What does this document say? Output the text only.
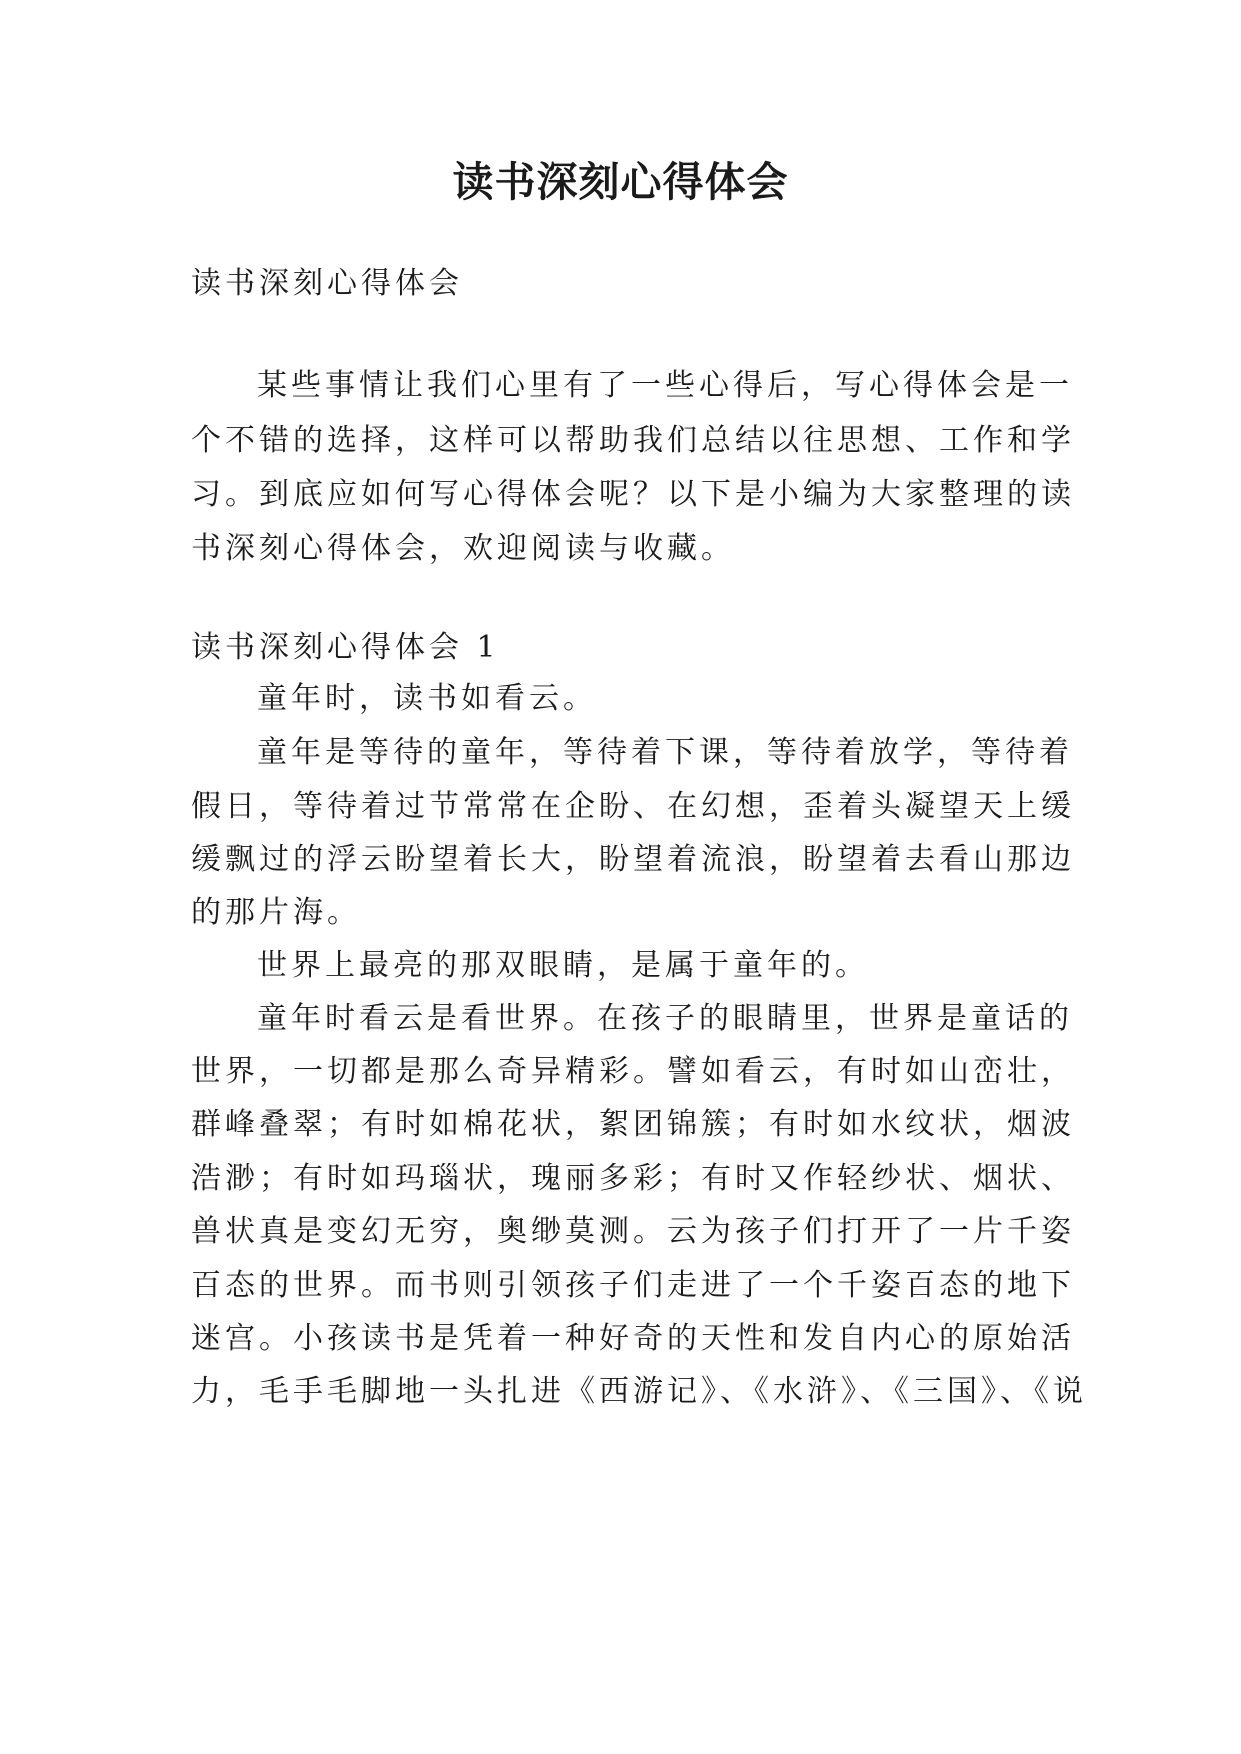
读书深刻心得体会

读书深刻心得体会

某些事情让我们心里有了一些心得后，写心得体会是一

个不错的选择，这样可以帮助我们总结以往思想、工作和学

习。到底应如何写心得体会呢？以下是小编为大家整理的读

书深刻心得体会，欢迎阅读与收藏。

读书深刻心得体会 1

童年时，读书如看云。

童年是等待的童年，等待着下课，等待着放学，等待着

假日，等待着过节常常在企盼、在幻想，歪着头凝望天上缓

缓飘过的浮云盼望着长大，盼望着流浪，盼望着去看山那边

的那片海。

世界上最亮的那双眼睛，是属于童年的。

童年时看云是看世界。在孩子的眼睛里，世界是童话的

世界，一切都是那么奇异精彩。譬如看云，有时如山峦壮，

群峰叠翠；有时如棉花状，絮团锦簇；有时如水纹状，烟波

浩渺；有时如玛瑙状，瑰丽多彩；有时又作轻纱状、烟状、

兽状真是变幻无穷，奥缈莫测。云为孩子们打开了一片千姿

百态的世界。而书则引领孩子们走进了一个千姿百态的地下

迷宫。小孩读书是凭着一种好奇的天性和发自内心的原始活

力，毛手毛脚地一头扎进《西游记》、《水浒》、《三国》、《说
